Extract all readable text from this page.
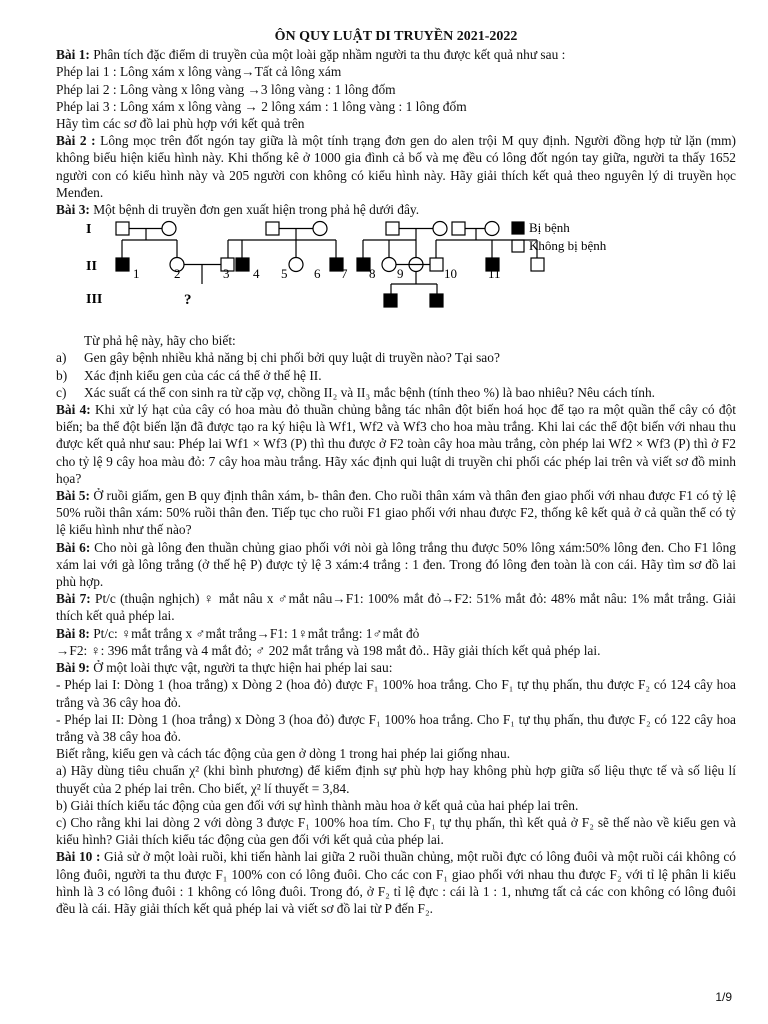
ÔN QUY LUẬT DI TRUYỀN 2021-2022

Bài 1: Phân tích đặc điểm di truyền của một loài gặp nhầm người ta thu được kết quả như sau :

Phép lai 1 : Lông xám x lông vàng→Tất cả lông xám

Phép lai 2 : Lông vàng x lông vàng →3 lông vàng : 1 lông đốm

Phép lai 3 : Lông xám x lông vàng → 2 lông xám : 1 lông vàng : 1 lông đốm

Hãy tìm các sơ đồ lai phù hợp với kết quả trên

Bài 2 : Lông mọc trên đốt ngón tay giữa là một tính trạng đơn gen do alen trội M quy định. Người đồng hợp tử lặn (mm) không biểu hiện kiểu hình này. Khi thống kê ở 1000 gia đình cả bố và mẹ đều có lông đốt ngón tay giữa, người ta thấy 1652 người con có kiểu hình này và 205 người con không có kiểu hình này. Hãy giải thích kết quả theo nguyên lý di truyền học Menđen.

Bài 3: Một bệnh di truyền đơn gen xuất hiện trong phả hệ dưới đây.

I
II
III
1	2	3 4 5 6 7 8 9	10 11
?
Bị bệnh
Không bị bệnh

Từ phả hệ này, hãy cho biết:

a)	Gen gây bệnh nhiều khả năng bị chi phối bởi quy luật di truyền nào? Tại sao?
b)	Xác định kiểu gen của các cá thể ở thế hệ II.
c)	Xác suất cá thể con sinh ra từ cặp vợ, chồng II₂ và II₃ mắc bệnh (tính theo %) là bao nhiêu? Nêu cách tính.

Bài 4: Khi xử lý hạt của cây có hoa màu đỏ thuần chủng bằng tác nhân đột biến hoá học để tạo ra một quần thể cây có đột biến; ba thể đột biến lặn đã được tạo ra ký hiệu là Wf1, Wf2 và Wf3 cho hoa màu trắng. Khi lai các thể đột biến với nhau thu được kết quả như sau: Phép lai Wf1 × Wf3 (P) thì thu được ở F2 toàn cây hoa màu trắng, còn phép lai Wf2 × Wf3 (P) thì ở F2 cho tỷ lệ 9 cây hoa màu đỏ: 7 cây hoa màu trắng. Hãy xác định qui luật di truyền chi phối các phép lai trên và viết sơ đồ minh họa?

Bài 5: Ở ruồi giấm, gen B quy định thân xám, b- thân đen. Cho ruồi thân xám và thân đen giao phối với nhau được F1 có tỷ lệ 50% ruồi thân xám: 50% ruồi thân đen. Tiếp tục cho ruồi F1 giao phối với nhau được F2, thống kê kết quả ở cả quần thể có tỷ lệ kiểu hình như thế nào?

Bài 6: Cho nòi gà lông đen thuần chủng giao phối với nòi gà lông trắng thu được 50% lông xám:50% lông đen. Cho F1 lông xám lai với gà lông trắng (ở thế hệ P) được tỷ lệ 3 xám:4 trắng : 1 đen. Trong đó lông đen toàn là con cái. Hãy tìm sơ đồ lai phù hợp.

Bài 7: Pt/c (thuận nghịch) ♀ mắt nâu x ♂mắt nâu→F1: 100% mắt đỏ→F2: 51% mắt đỏ: 48% mắt nâu: 1% mắt trắng. Giải thích kết quả phép lai.

Bài 8: Pt/c: ♀mắt trắng x ♂mắt trắng→F1: 1♀mắt trắng: 1♂mắt đỏ

→F2: ♀: 396 mắt trắng và 4 mắt đỏ; ♂ 202 mắt trắng và 198 mắt đỏ.. Hãy giải thích kết quả phép lai.

Bài 9: Ở một loài thực vật, người ta thực hiện hai phép lai sau:

- Phép lai I: Dòng 1 (hoa trắng) x Dòng 2 (hoa đỏ) được F₁ 100% hoa trắng. Cho F₁ tự thụ phấn, thu được F₂ có 124 cây hoa trắng và 36 cây hoa đỏ.

- Phép lai II: Dòng 1 (hoa trắng) x Dòng 3 (hoa đỏ) được F₁ 100% hoa trắng. Cho F₁ tự thụ phấn, thu được F₂ có 122 cây hoa trắng và 38 cây hoa đỏ.

Biết rằng, kiểu gen và cách tác động của gen ở dòng 1 trong hai phép lai giống nhau.

a) Hãy dùng tiêu chuẩn χ² (khi bình phương) để kiểm định sự phù hợp hay không phù hợp giữa số liệu thực tế và số liệu lí thuyết của 2 phép lai trên. Cho biết, χ² lí thuyết = 3,84.

b) Giải thích kiểu tác động của gen đối với sự hình thành màu hoa ở kết quả của hai phép lai trên.

c) Cho rằng khi lai dòng 2 với dòng 3 được F₁ 100% hoa tím. Cho F₁ tự thụ phấn, thì kết quả ở F₂ sẽ thế nào về kiểu gen và kiểu hình? Giải thích kiểu tác động của gen đối với kết quả của phép lai.

Bài 10 : Giả sử ở một loài ruồi, khi tiến hành lai giữa 2 ruồi thuần chủng, một ruồi đực có lông đuôi và một ruồi cái không có lông đuôi, người ta thu được F₁ 100% con có lông đuôi. Cho các con F₁ giao phối với nhau thu được F₂ với tỉ lệ phân li kiểu hình là 3 có lông đuôi : 1 không có lông đuôi. Trong đó, ở F₂ tỉ lệ đực : cái là 1 : 1, nhưng tất cả các con không có lông đuôi đều là cái. Hãy giải thích kết quả phép lai và viết sơ đồ lai từ P đến F₂.

1/9
